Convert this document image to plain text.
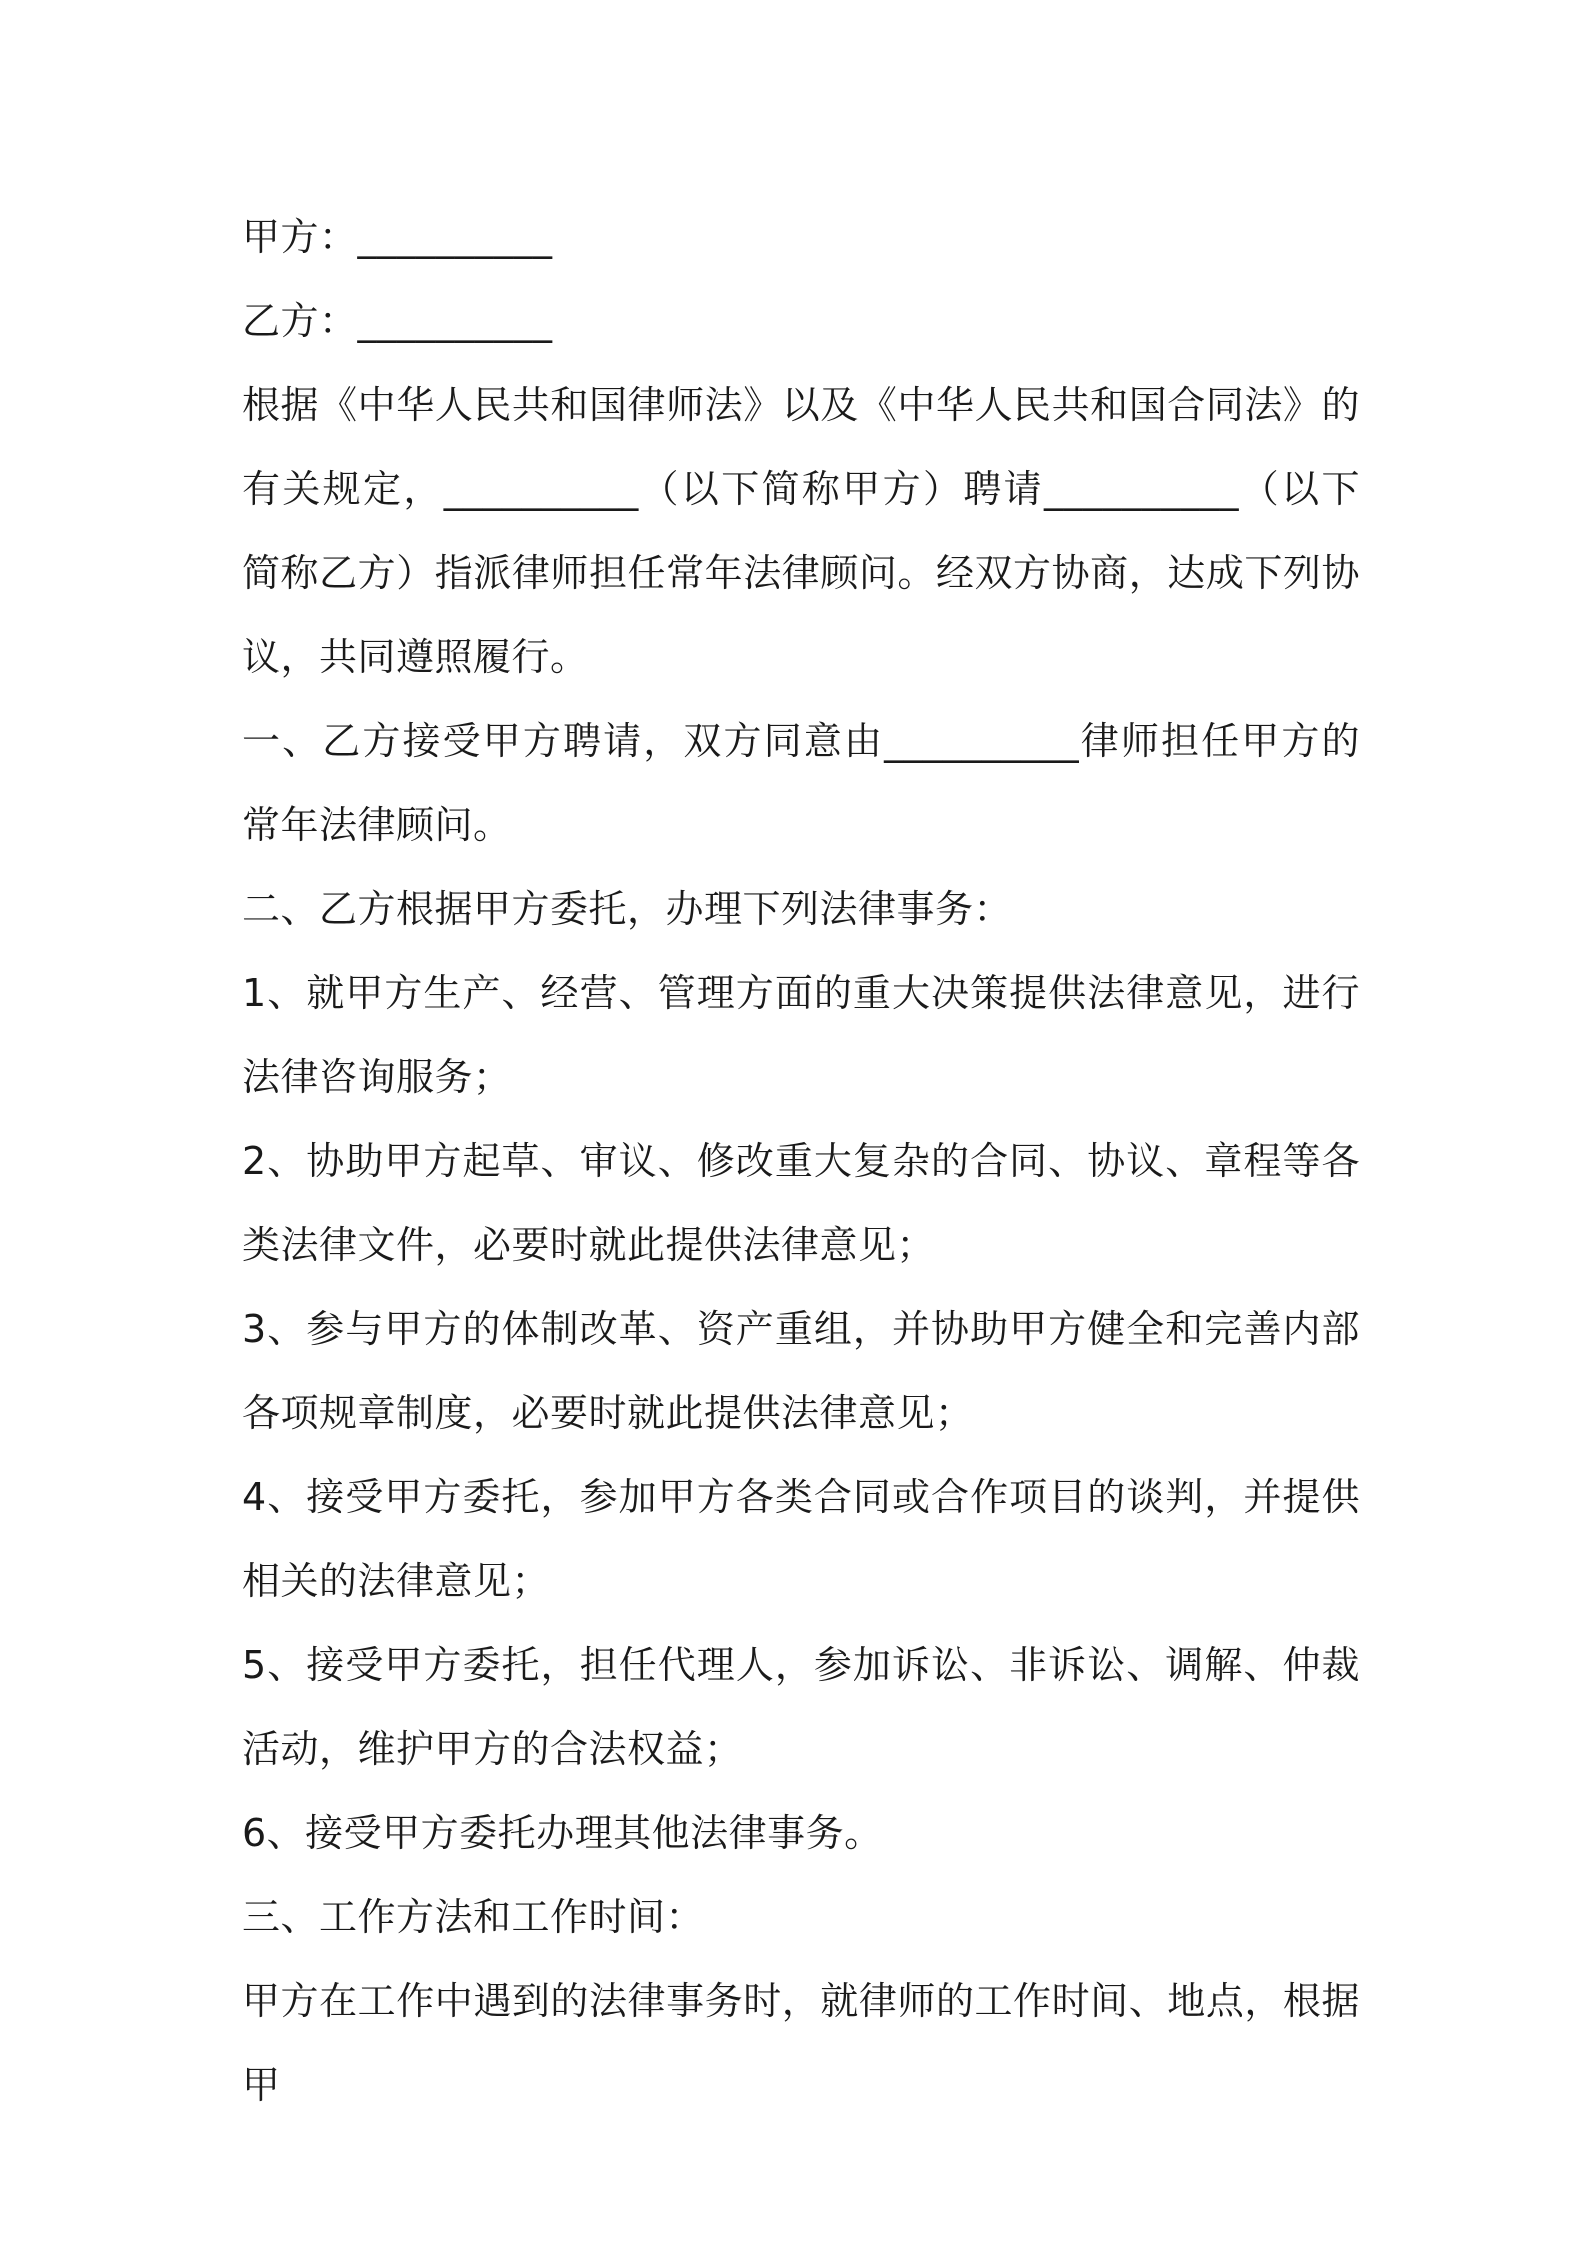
甲方：__________

乙方：__________

根据《中华人民共和国律师法》以及《中华人民共和国合同法》的有关规定，__________（以下简称甲方）聘请__________（以下简称乙方）指派律师担任常年法律顾问。经双方协商，达成下列协议，共同遵照履行。

一、乙方接受甲方聘请，双方同意由__________律师担任甲方的常年法律顾问。

二、乙方根据甲方委托，办理下列法律事务：

1、就甲方生产、经营、管理方面的重大决策提供法律意见，进行法律咨询服务；

2、协助甲方起草、审议、修改重大复杂的合同、协议、章程等各类法律文件，必要时就此提供法律意见；

3、参与甲方的体制改革、资产重组，并协助甲方健全和完善内部各项规章制度，必要时就此提供法律意见；

4、接受甲方委托，参加甲方各类合同或合作项目的谈判，并提供相关的法律意见；

5、接受甲方委托，担任代理人，参加诉讼、非诉讼、调解、仲裁活动，维护甲方的合法权益；

6、接受甲方委托办理其他法律事务。

三、工作方法和工作时间：

甲方在工作中遇到的法律事务时，就律师的工作时间、地点，根据甲
